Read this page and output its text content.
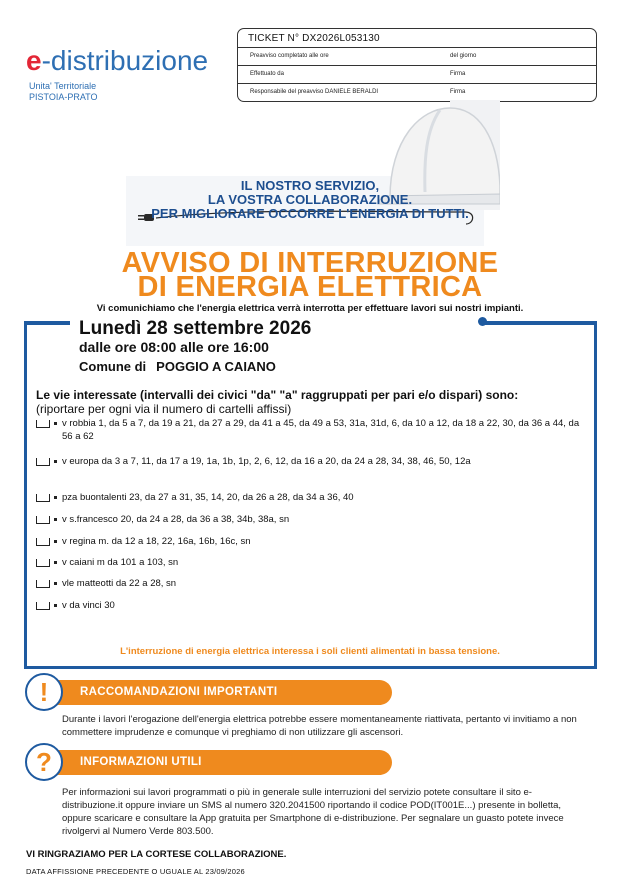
e-distribuzione
Unita' Territoriale
PISTOIA-PRATO
TICKET N° DX2026L053130
Preavviso completato alle ore	del giorno
Effettuato da	Firma
Responsabile del preavviso DANIELE BERALDI	Firma
IL NOSTRO SERVIZIO,
LA VOSTRA COLLABORAZIONE.
PER MIGLIORARE OCCORRE L'ENERGIA DI TUTTI.
AVVISO DI INTERRUZIONE
DI ENERGIA ELETTRICA
Vi comunichiamo che l'energia elettrica verrà interrotta per effettuare lavori sui nostri impianti.
Lunedì 28 settembre 2026
dalle ore 08:00 alle ore 16:00
Comune di POGGIO A CAIANO
Le vie interessate (intervalli dei civici "da" "a" raggruppati per pari e/o dispari) sono:
(riportare per ogni via il numero di cartelli affissi)
v robbia 1, da 5 a 7, da 19 a 21, da 27 a 29, da 41 a 45, da 49 a 53, 31a, 31d, 6, da 10 a 12, da 18 a 22, 30, da 36 a 44, da 56 a 62
v europa da 3 a 7, 11, da 17 a 19, 1a, 1b, 1p, 2, 6, 12, da 16 a 20, da 24 a 28, 34, 38, 46, 50, 12a
pza buontalenti 23, da 27 a 31, 35, 14, 20, da 26 a 28, da 34 a 36, 40
v s.francesco 20, da 24 a 28, da 36 a 38, 34b, 38a, sn
v regina m. da 12 a 18, 22, 16a, 16b, 16c, sn
v caiani m da 101 a 103, sn
vle matteotti da 22 a 28, sn
v da vinci 30
L'interruzione di energia elettrica interessa i soli clienti alimentati in bassa tensione.
RACCOMANDAZIONI IMPORTANTI
!
Durante i lavori l'erogazione dell'energia elettrica potrebbe essere momentaneamente riattivata, pertanto vi invitiamo a non commettere imprudenze e comunque vi preghiamo di non utilizzare gli ascensori.
INFORMAZIONI UTILI
?
Per informazioni sui lavori programmati o più in generale sulle interruzioni del servizio potete consultare il sito e-distribuzione.it oppure inviare un SMS al numero 320.2041500 riportando il codice POD(IT001E...) presente in bolletta, oppure scaricare e consultare la App gratuita per Smartphone di e-distribuzione. Per segnalare un guasto potete invece rivolgervi al Numero Verde 803.500.
VI RINGRAZIAMO PER LA CORTESE COLLABORAZIONE.
DATA AFFISSIONE PRECEDENTE O UGUALE AL 23/09/2026
